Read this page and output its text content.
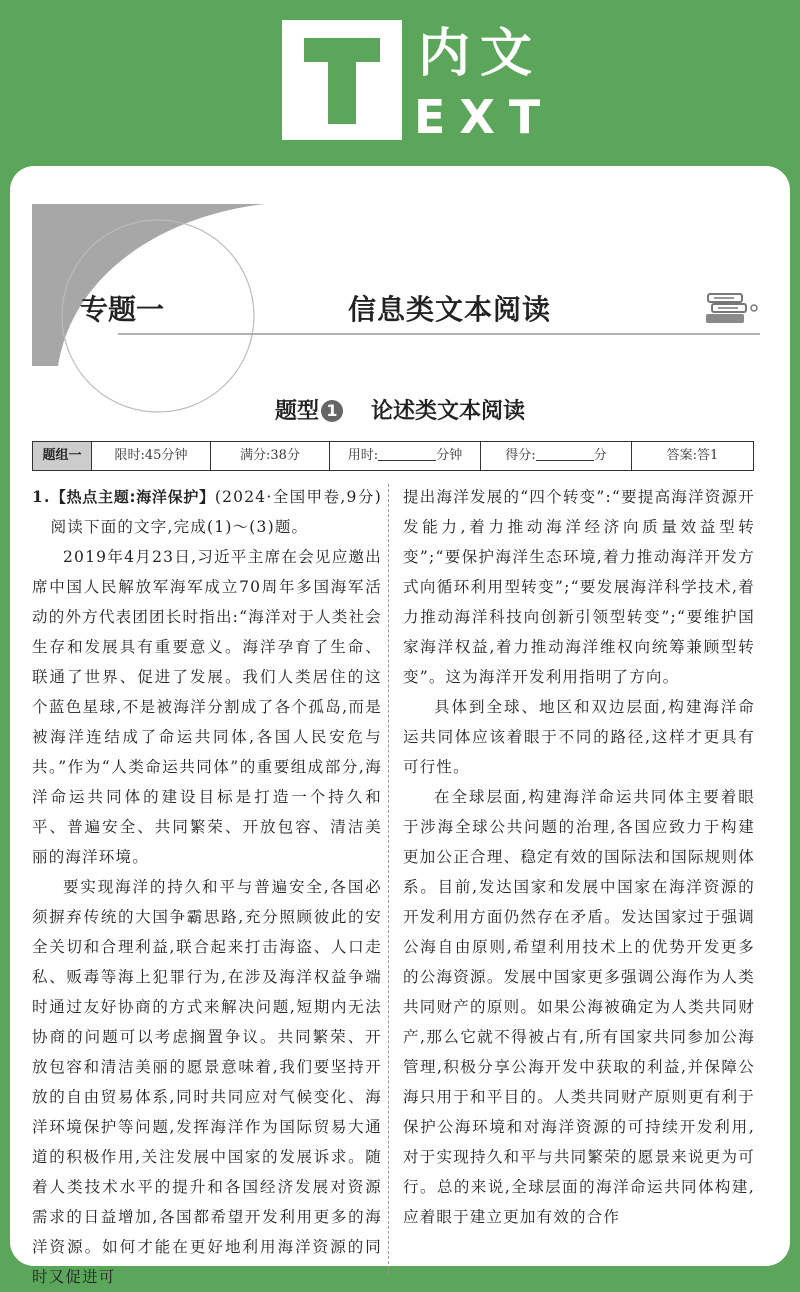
内文
EXT
专题一	信息类文本阅读
题型 1 论述类文本阅读
题组一	限时:45分钟	满分:38分	用时:	分钟	得分:	分	答案:答1

1.【热点主题:海洋保护】(2024·全国甲卷,9分)阅读下面的文字,完成(1)～(3)题。

2019年4月23日,习近平主席在会见应邀出席中国人民解放军海军成立70周年多国海军活动的外方代表团团长时指出:“海洋对于人类社会生存和发展具有重要意义。海洋孕育了生命、联通了世界、促进了发展。我们人类居住的这个蓝色星球,不是被海洋分割成了各个孤岛,而是被海洋连结成了命运共同体,各国人民安危与共。”作为“人类命运共同体”的重要组成部分,海洋命运共同体的建设目标是打造一个持久和平、普遍安全、共同繁荣、开放包容、清洁美丽的海洋环境。

要实现海洋的持久和平与普遍安全,各国必须摒弃传统的大国争霸思路,充分照顾彼此的安全关切和合理利益,联合起来打击海盗、人口走私、贩毒等海上犯罪行为,在涉及海洋权益争端时通过友好协商的方式来解决问题,短期内无法协商的问题可以考虑搁置争议。共同繁荣、开放包容和清洁美丽的愿景意味着,我们要坚持开放的自由贸易体系,同时共同应对气候变化、海洋环境保护等问题,发挥海洋作为国际贸易大通道的积极作用,关注发展中国家的发展诉求。随着人类技术水平的提升和各国经济发展对资源需求的日益增加,各国都希望开发利用更多的海洋资源。如何才能在更好地利用海洋资源的同时又促进可

提出海洋发展的“四个转变”:“要提高海洋资源开发能力,着力推动海洋经济向质量效益型转变”;“要保护海洋生态环境,着力推动海洋开发方式向循环利用型转变”;“要发展海洋科学技术,着力推动海洋科技向创新引领型转变”;“要维护国家海洋权益,着力推动海洋维权向统筹兼顾型转变”。这为海洋开发利用指明了方向。

具体到全球、地区和双边层面,构建海洋命运共同体应该着眼于不同的路径,这样才更具有可行性。

在全球层面,构建海洋命运共同体主要着眼于涉海全球公共问题的治理,各国应致力于构建更加公正合理、稳定有效的国际法和国际规则体系。目前,发达国家和发展中国家在海洋资源的开发利用方面仍然存在矛盾。发达国家过于强调公海自由原则,希望利用技术上的优势开发更多的公海资源。发展中国家更多强调公海作为人类共同财产的原则。如果公海被确定为人类共同财产,那么它就不得被占有,所有国家共同参加公海管理,积极分享公海开发中获取的利益,并保障公海只用于和平目的。人类共同财产原则更有利于保护公海环境和对海洋资源的可持续开发利用,对于实现持久和平与共同繁荣的愿景来说更为可行。总的来说,全球层面的海洋命运共同体构建,应着眼于建立更加有效的合作
